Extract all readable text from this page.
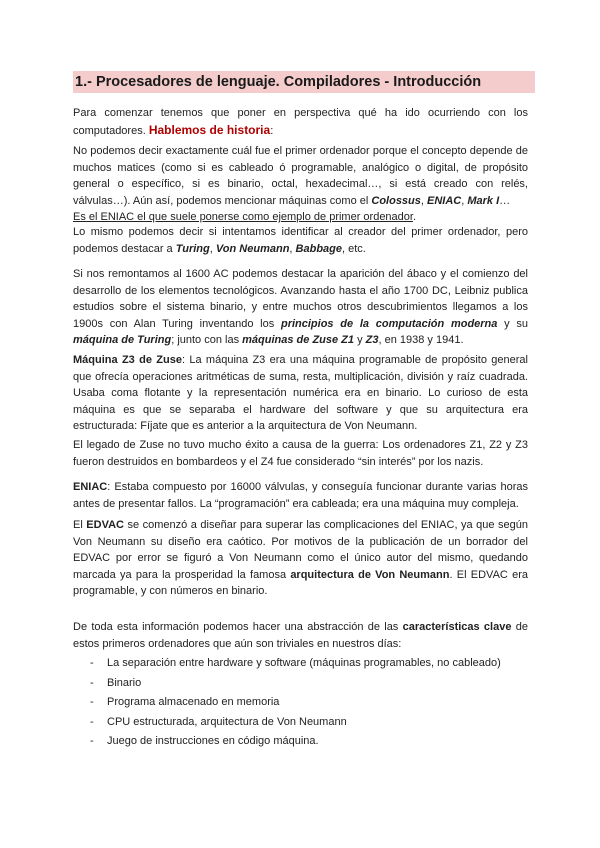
1.- Procesadores de lenguaje. Compiladores - Introducción

Para comenzar tenemos que poner en perspectiva qué ha ido ocurriendo con los computadores. Hablemos de historia:

No podemos decir exactamente cuál fue el primer ordenador porque el concepto depende de muchos matices (como si es cableado ó programable, analógico o digital, de propósito general o específico, si es binario, octal, hexadecimal…, si está creado con relés, válvulas…). Aún así, podemos mencionar máquinas como el Colossus, ENIAC, Mark I…
Es el ENIAC el que suele ponerse como ejemplo de primer ordenador.

Lo mismo podemos decir si intentamos identificar al creador del primer ordenador, pero podemos destacar a Turing, Von Neumann, Babbage, etc.

Si nos remontamos al 1600 AC podemos destacar la aparición del ábaco y el comienzo del desarrollo de los elementos tecnológicos. Avanzando hasta el año 1700 DC, Leibniz publica estudios sobre el sistema binario, y entre muchos otros descubrimientos llegamos a los 1900s con Alan Turing inventando los principios de la computación moderna y su máquina de Turing; junto con las máquinas de Zuse Z1 y Z3, en 1938 y 1941.

Máquina Z3 de Zuse: La máquina Z3 era una máquina programable de propósito general que ofrecía operaciones aritméticas de suma, resta, multiplicación, división y raíz cuadrada. Usaba coma flotante y la representación numérica era en binario. Lo curioso de esta máquina es que se separaba el hardware del software y que su arquitectura era estructurada: Fíjate que es anterior a la arquitectura de Von Neumann.

El legado de Zuse no tuvo mucho éxito a causa de la guerra: Los ordenadores Z1, Z2 y Z3 fueron destruidos en bombardeos y el Z4 fue considerado “sin interés” por los nazis.

ENIAC: Estaba compuesto por 16000 válvulas, y conseguía funcionar durante varias horas antes de presentar fallos. La “programación” era cableada; era una máquina muy compleja.

El EDVAC se comenzó a diseñar para superar las complicaciones del ENIAC, ya que según Von Neumann su diseño era caótico. Por motivos de la publicación de un borrador del EDVAC por error se figuró a Von Neumann como el único autor del mismo, quedando marcada ya para la prosperidad la famosa arquitectura de Von Neumann. El EDVAC era programable, y con números en binario.

De toda esta información podemos hacer una abstracción de las características clave de estos primeros ordenadores que aún son triviales en nuestros días:

-	La separación entre hardware y software (máquinas programables, no cableado)
-	Binario
-	Programa almacenado en memoria
-	CPU estructurada, arquitectura de Von Neumann
-	Juego de instrucciones en código máquina.
